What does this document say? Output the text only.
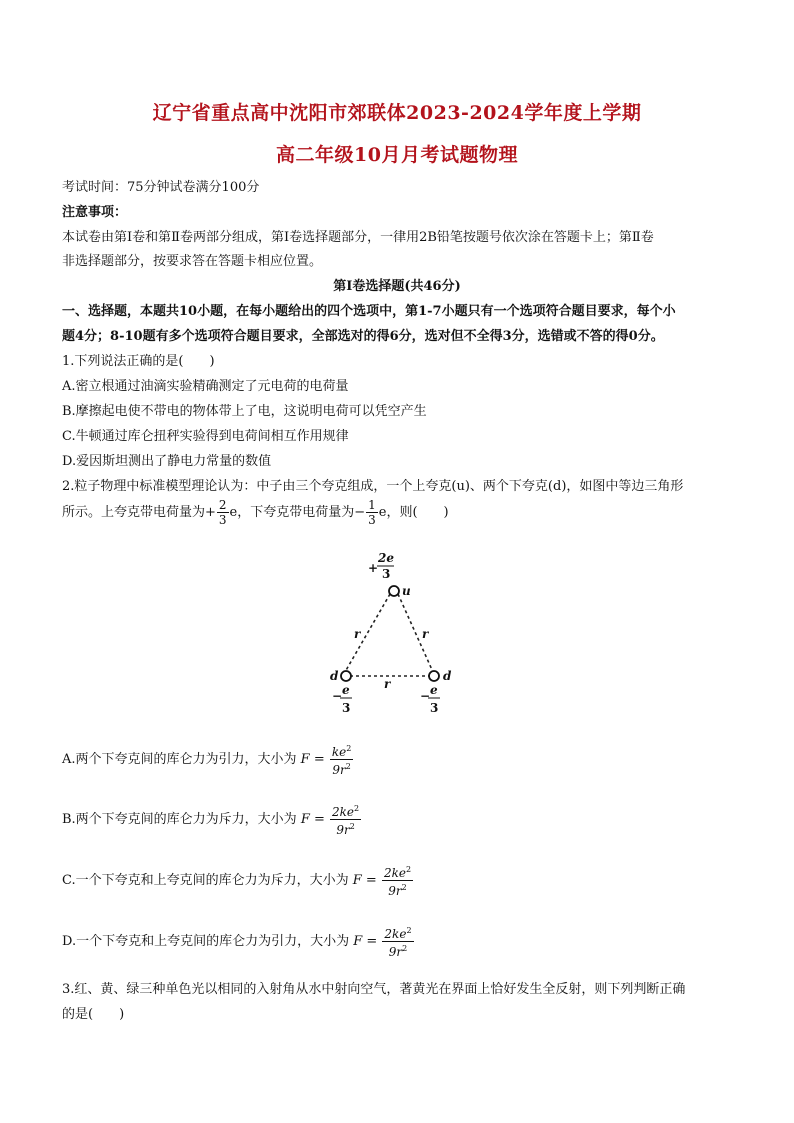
辽宁省重点高中沈阳市郊联体2023-2024学年度上学期
高二年级10月月考试题物理
考试时间：75分钟试卷满分100分
注意事项：
本试卷由第Ⅰ卷和第Ⅱ卷两部分组成，第Ⅰ卷选择题部分，一律用2B铅笔按题号依次涂在答题卡上；第Ⅱ卷
非选择题部分，按要求答在答题卡相应位置。
第Ⅰ卷选择题(共46分)
一、选择题，本题共10小题，在每小题给出的四个选项中，第1-7小题只有一个选项符合题目要求，每个小
题4分；8-10题有多个选项符合题目要求，全部选对的得6分，选对但不全得3分，选错或不答的得0分。
1.下列说法正确的是(　　)
A.密立根通过油滴实验精确测定了元电荷的电荷量
B.摩擦起电使不带电的物体带上了电，这说明电荷可以凭空产生
C.牛顿通过库仑扭秤实验得到电荷间相互作用规律
D.爱因斯坦测出了静电力常量的数值
2.粒子物理中标准模型理论认为：中子由三个夸克组成，一个上夸克(u)、两个下夸克(d)，如图中等边三角形
所示。上夸克带电荷量为+ $\frac{2}{3}$ e，下夸克带电荷量为− $\frac{1}{3}$ e，则(　　)
+
2e
3
u
d	d
r	r
r
− e
3
− e
3
A.两个下夸克间的库仑力为引力，大小为 $F = \frac{ke^2}{9r^2}$
B.两个下夸克间的库仑力为斥力，大小为 $F = \frac{2ke^2}{9r^2}$
C.一个下夸克和上夸克间的库仑力为斥力，大小为 $F = \frac{2ke^2}{9r^2}$
D.一个下夸克和上夸克间的库仑力为引力，大小为 $F = \frac{2ke^2}{9r^2}$
3.红、黄、绿三种单色光以相同的入射角从水中射向空气，著黄光在界面上恰好发生全反射，则下列判断正确
的是(　　)
